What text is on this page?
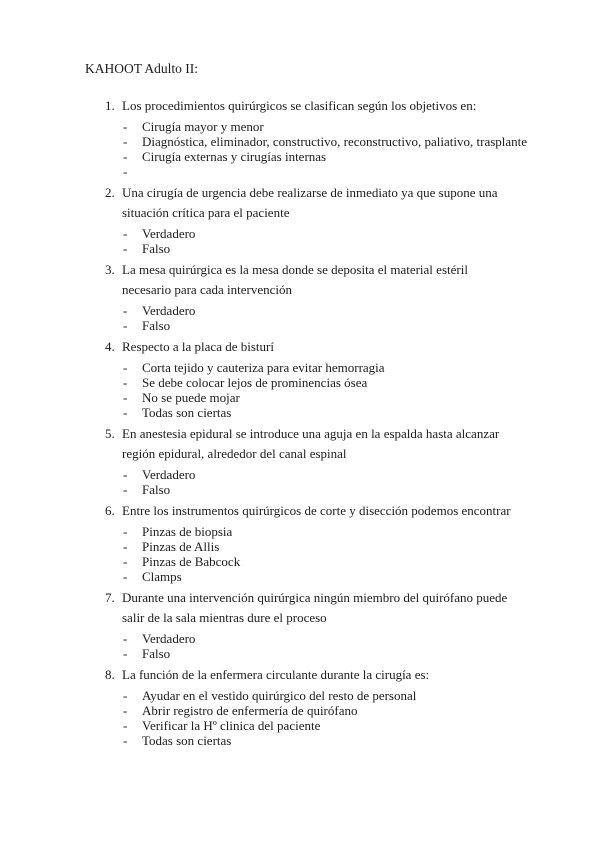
KAHOOT Adulto II:
1. Los procedimientos quirúrgicos se clasifican según los objetivos en:
-	Cirugía mayor y menor
-	Diagnóstica, eliminador, constructivo, reconstructivo, paliativo, trasplante
-	Cirugía externas y cirugías internas
-
2. Una cirugía de urgencia debe realizarse de inmediato ya que supone una
situación crítica para el paciente
-	Verdadero
-	Falso
3. La mesa quirúrgica es la mesa donde se deposita el material estéril
necesario para cada intervención
-	Verdadero
-	Falso
4. Respecto a la placa de bisturí
-	Corta tejido y cauteriza para evitar hemorragia
-	Se debe colocar lejos de prominencias ósea
-	No se puede mojar
-	Todas son ciertas
5. En anestesia epidural se introduce una aguja en la espalda hasta alcanzar
región epidural, alrededor del canal espinal
-	Verdadero
-	Falso
6. Entre los instrumentos quirúrgicos de corte y disección podemos encontrar
-	Pinzas de biopsia
-	Pinzas de Allis
-	Pinzas de Babcock
-	Clamps
7. Durante una intervención quirúrgica ningún miembro del quirófano puede
salir de la sala mientras dure el proceso
-	Verdadero
-	Falso
8. La función de la enfermera circulante durante la cirugía es:
-	Ayudar en el vestido quirúrgico del resto de personal
-	Abrir registro de enfermería de quirófano
-	Verificar la Hº clinica del paciente
-	Todas son ciertas
